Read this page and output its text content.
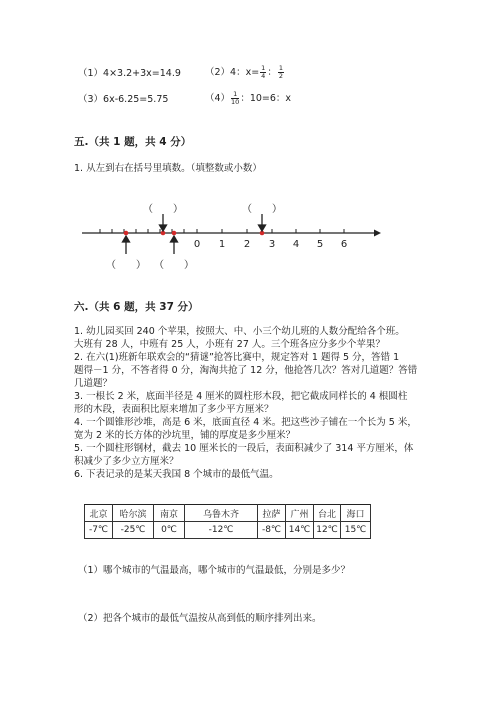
（1）4×3.2+3x=14.9	（2）4：$x= \frac{1}{4}$ ： $\frac{1}{2}$
（3）6x-6.25=5.75	$(4) \frac{1}{10}$ ：10=6：x
五.（共 1 题，共 4 分）
1. 从左到右在括号里填数。（填整数或小数）
0 1 2 3 4 5 6
（　　）	（　　）
（　　） （　　）
六.（共 6 题，共 37 分）
1. 幼儿园买回 240 个苹果，按照大、中、小三个幼儿班的人数分配给各个班。
大班有 28 人，中班有 25 人，小班有 27 人。三个班各应分多少个苹果？
2. 在六(1)班新年联欢会的“猜谜”抢答比赛中，规定答对 1 题得 5 分，答错 1
题得－1 分，不答者得 0 分，淘淘共抢了 12 分，他抢答几次？答对几道题？答错
几道题？
3. 一根长 2 米，底面半径是 4 厘米的圆柱形木段，把它截成同样长的 4 根圆柱
形的木段，表面积比原来增加了多少平方厘米？
4. 一个圆锥形沙堆，高是 6 米，底面直径 4 米。把这些沙子铺在一个长为 5 米，
宽为 2 米的长方体的沙坑里，铺的厚度是多少厘米？
5. 一个圆柱形钢材，截去 10 厘米长的一段后，表面积减少了 314 平方厘米，体
积减少了多少立方厘米？
6. 下表记录的是某天我国 8 个城市的最低气温。
北京	哈尔滨	南京	乌鲁木齐	拉萨	广州	台北	海口
-7℃	-25℃	0℃	-12℃	-8℃	14℃	12℃	15℃
（1）哪个城市的气温最高，哪个城市的气温最低，分别是多少？
（2）把各个城市的最低气温按从高到低的顺序排列出来。
